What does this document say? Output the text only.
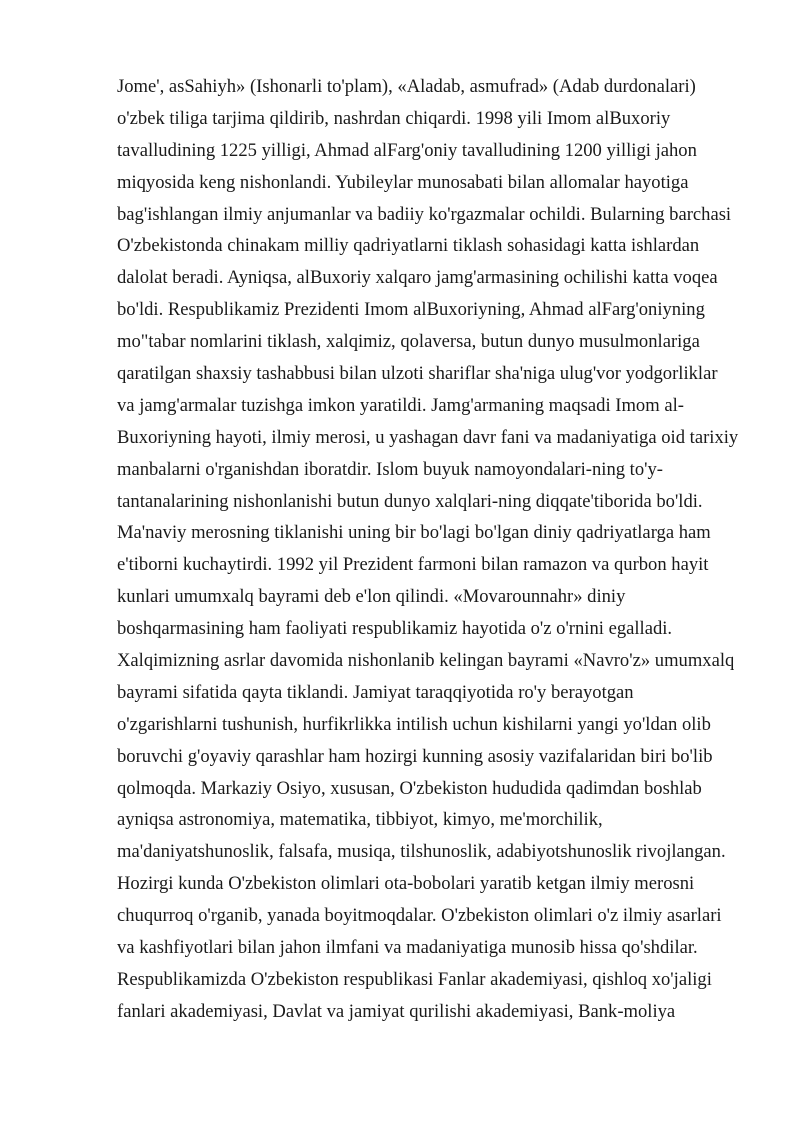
Jome', asSahiyh» (Ishonarli to'plam), «Aladab, asmufrad» (Adab durdonalari)
o'zbek tiliga tarjima qildirib, nashrdan chiqardi. 1998 yili Imom alBuxoriy
tavalludining 1225 yilligi, Ahmad alFarg'oniy tavalludining 1200 yilligi jahon
miqyosida keng nishonlandi. Yubileylar munosabati bilan allomalar hayotiga
bag'ishlangan ilmiy anjumanlar va badiiy ko'rgazmalar ochildi. Bularning barchasi
O'zbekistonda chinakam milliy qadriyatlarni tiklash sohasidagi katta ishlardan
dalolat beradi. Ayniqsa, alBuxoriy xalqaro jamg'armasining ochilishi katta voqea
bo'ldi. Respublikamiz Prezidenti Imom alBuxoriyning, Ahmad alFarg'oniyning
mo"tabar nomlarini tiklash, xalqimiz, qolaversa, butun dunyo musulmonlariga
qaratilgan shaxsiy tashabbusi bilan ulzoti shariflar sha'niga ulug'vor yodgorliklar
va jamg'armalar tuzishga imkon yaratildi. Jamg'armaning maqsadi Imom al-
Buxoriyning hayoti, ilmiy merosi, u yashagan davr fani va madaniyatiga oid tarixiy
manbalarni o'rganishdan iboratdir. Islom buyuk namoyondalari-ning to'y-
tantanalarining nishonlanishi butun dunyo xalqlari-ning diqqate'tiborida bo'ldi.
Ma'naviy merosning tiklanishi uning bir bo'lagi bo'lgan diniy qadriyatlarga ham
e'tiborni kuchaytirdi. 1992 yil Prezident farmoni bilan ramazon va qurbon hayit
kunlari umumxalq bayrami deb e'lon qilindi. «Movarounnahr» diniy
boshqarmasining ham faoliyati respublikamiz hayotida o'z o'rnini egalladi.
Xalqimizning asrlar davomida nishonlanib kelingan bayrami «Navro'z» umumxalq
bayrami sifatida qayta tiklandi. Jamiyat taraqqiyotida ro'y berayotgan
o'zgarishlarni tushunish, hurfikrlikka intilish uchun kishilarni yangi yo'ldan olib
boruvchi g'oyaviy qarashlar ham hozirgi kunning asosiy vazifalaridan biri bo'lib
qolmoqda. Markaziy Osiyo, xususan, O'zbekiston hududida qadimdan boshlab
ayniqsa astronomiya, matematika, tibbiyot, kimyo, me'morchilik,
ma'daniyatshunoslik, falsafa, musiqa, tilshunoslik, adabiyotshunoslik rivojlangan.
Hozirgi kunda O'zbekiston olimlari ota-bobolari yaratib ketgan ilmiy merosni
chuqurroq o'rganib, yanada boyitmoqdalar. O'zbekiston olimlari o'z ilmiy asarlari
va kashfiyotlari bilan jahon ilmfani va madaniyatiga munosib hissa qo'shdilar.
Respublikamizda O'zbekiston respublikasi Fanlar akademiyasi, qishloq xo'jaligi
fanlari akademiyasi, Davlat va jamiyat qurilishi akademiyasi, Bank-moliya
